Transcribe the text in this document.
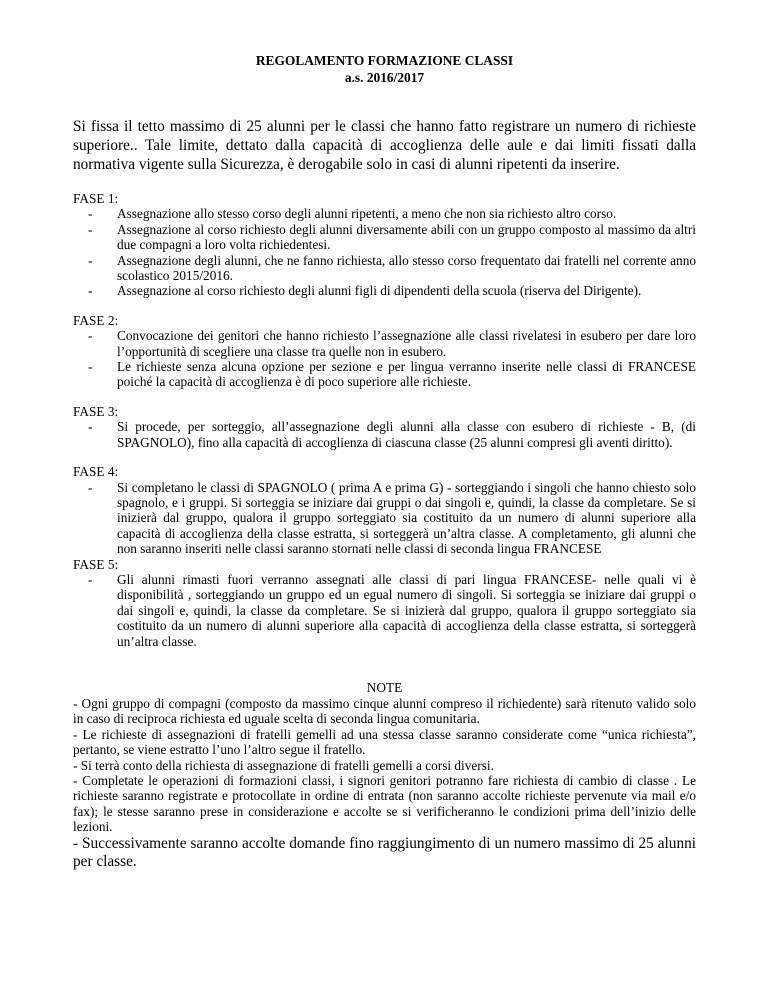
REGOLAMENTO FORMAZIONE CLASSI
a.s. 2016/2017
Si fissa il tetto massimo di 25 alunni per le classi che hanno fatto registrare un numero di richieste superiore.. Tale limite, dettato dalla capacità di accoglienza delle aule e dai limiti fissati dalla normativa vigente sulla Sicurezza, è derogabile solo in casi di alunni ripetenti da inserire.
FASE 1:
- Assegnazione allo stesso corso degli alunni ripetenti, a meno che non sia richiesto altro corso.
- Assegnazione al corso richiesto degli alunni diversamente abili con un gruppo composto al massimo da altri due compagni a loro volta richiedentesi.
- Assegnazione degli alunni, che ne fanno richiesta, allo stesso corso frequentato dai fratelli nel corrente anno scolastico 2015/2016.
- Assegnazione al corso richiesto degli alunni figli di dipendenti della scuola (riserva del Dirigente).
FASE 2:
- Convocazione dei genitori che hanno richiesto l’assegnazione alle classi rivelatesi in esubero per dare loro l’opportunità di scegliere una classe tra quelle non in esubero.
- Le richieste senza alcuna opzione per sezione e per lingua verranno inserite nelle classi di FRANCESE poiché la capacità di accoglienza è di poco superiore alle richieste.
FASE 3:
- Si procede, per sorteggio, all’assegnazione degli alunni alla classe con esubero di richieste - B, (di SPAGNOLO), fino alla capacità di accoglienza di ciascuna classe (25 alunni compresi gli aventi diritto).
FASE 4:
- Si completano le classi di SPAGNOLO ( prima A e prima G) - sorteggiando i singoli che hanno chiesto solo spagnolo, e i gruppi. Si sorteggia se iniziare dai gruppi o dai singoli e, quindi, la classe da completare. Se si inizierà dal gruppo, qualora il gruppo sorteggiato sia costituito da un numero di alunni superiore alla capacità di accoglienza della classe estratta, si sorteggerà un’altra classe. A completamento, gli alunni che non saranno inseriti nelle classi saranno stornati nelle classi di seconda lingua FRANCESE
FASE 5:
- Gli alunni rimasti fuori verranno assegnati alle classi di pari lingua FRANCESE- nelle quali vi è disponibilità , sorteggiando un gruppo ed un egual numero di singoli. Si sorteggia se iniziare dai gruppi o dai singoli e, quindi, la classe da completare. Se si inizierà dal gruppo, qualora il gruppo sorteggiato sia costituito da un numero di alunni superiore alla capacità di accoglienza della classe estratta, si sorteggerà un’altra classe.
NOTE

- Ogni gruppo di compagni (composto da massimo cinque alunni compreso il richiedente) sarà ritenuto valido solo in caso di reciproca richiesta ed uguale scelta di seconda lingua comunitaria.

- Le richieste di assegnazioni di fratelli gemelli ad una stessa classe saranno considerate come “unica richiesta”, pertanto, se viene estratto l’uno l’altro segue il fratello.

- Si terrà conto della richiesta di assegnazione di fratelli gemelli a corsi diversi.

- Completate le operazioni di formazioni classi, i signori genitori potranno fare richiesta di cambio di classe . Le richieste saranno registrate e protocollate in ordine di entrata (non saranno accolte richieste pervenute via mail e/o fax); le stesse saranno prese in considerazione e accolte se si verificheranno le condizioni prima dell’inizio delle lezioni.

- Successivamente saranno accolte domande fino raggiungimento di un numero massimo di 25 alunni per classe.
